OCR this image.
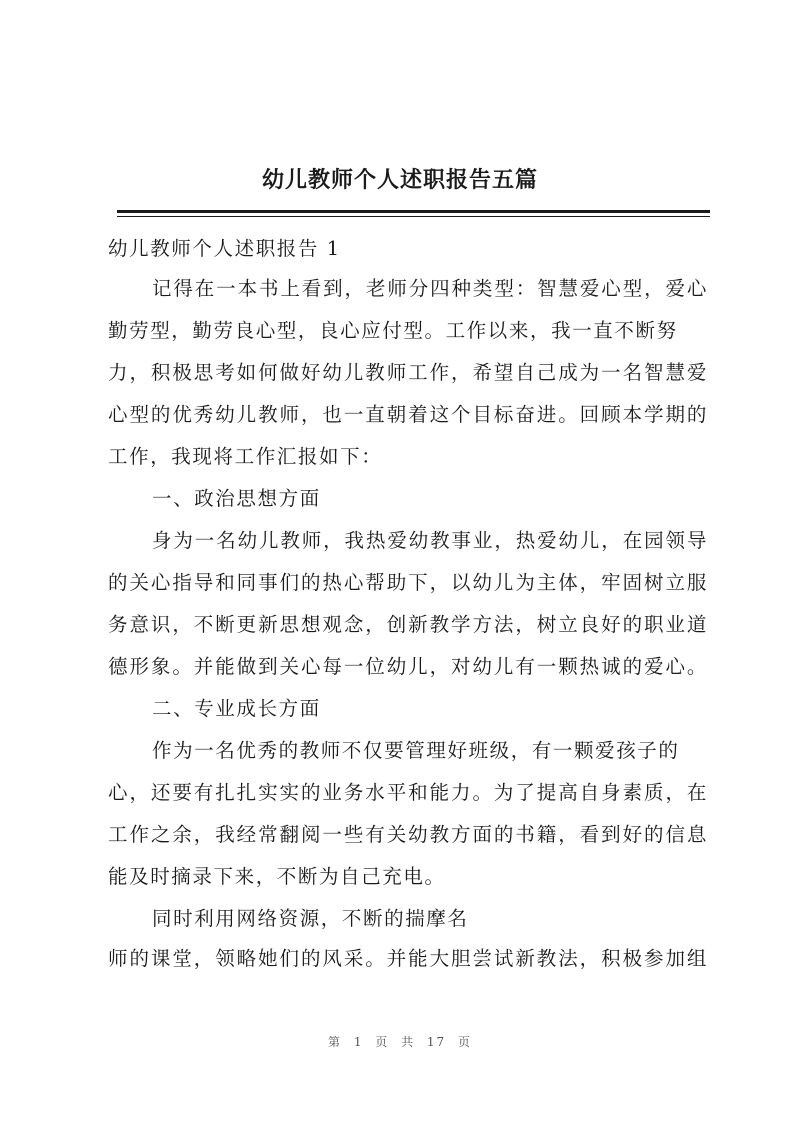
幼儿教师个人述职报告五篇
幼儿教师个人述职报告 1
记得在一本书上看到，老师分四种类型：智慧爱心型，爱心
勤劳型，勤劳良心型，良心应付型。工作以来，我一直不断努
力，积极思考如何做好幼儿教师工作，希望自己成为一名智慧爱
心型的优秀幼儿教师，也一直朝着这个目标奋进。回顾本学期的
工作，我现将工作汇报如下：
一、政治思想方面
身为一名幼儿教师，我热爱幼教事业，热爱幼儿，在园领导
的关心指导和同事们的热心帮助下，以幼儿为主体，牢固树立服
务意识，不断更新思想观念，创新教学方法，树立良好的职业道
德形象。并能做到关心每一位幼儿，对幼儿有一颗热诚的爱心。
二、专业成长方面
作为一名优秀的教师不仅要管理好班级，有一颗爱孩子的
心，还要有扎扎实实的业务水平和能力。为了提高自身素质，在
工作之余，我经常翻阅一些有关幼教方面的书籍，看到好的信息
能及时摘录下来，不断为自己充电。
同时利用网络资源，不断的揣摩名
师的课堂，领略她们的风采。并能大胆尝试新教法，积极参加组
第 1 页 共 17 页
